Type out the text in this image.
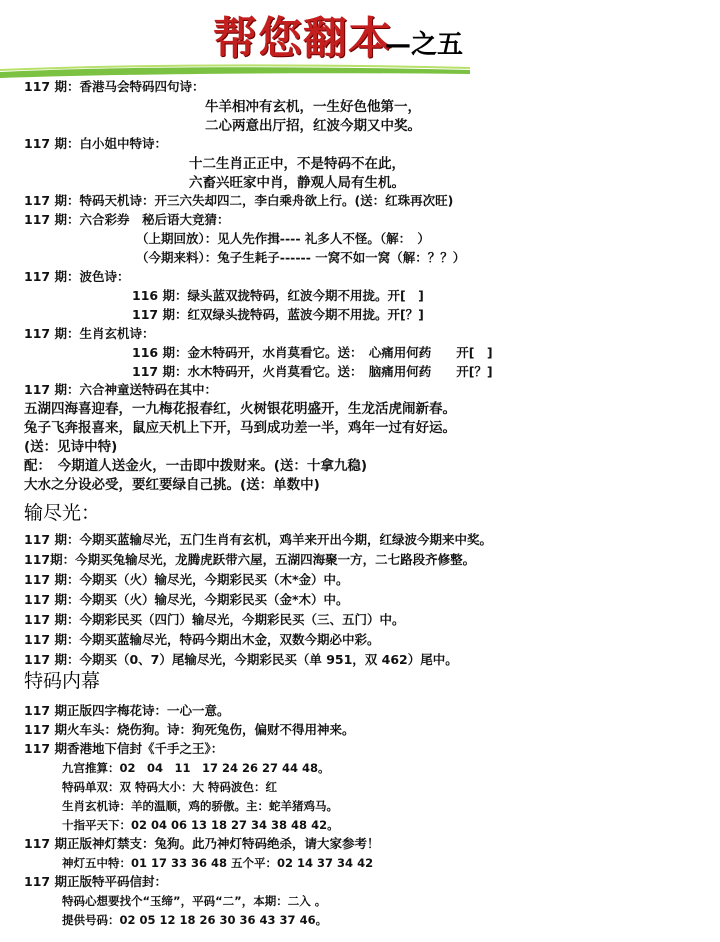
帮您翻本
—之五
117 期：香港马会特码四句诗：
牛羊相冲有玄机，一生好色他第一，
二心两意出厅招，红波今期又中奖。
117 期：白小姐中特诗：
十二生肖正正中，不是特码不在此，
六畜兴旺家中肖，静观人局有生机。
117 期：特码天机诗：开三六失却四二，李白乘舟欲上行。(送：红珠再次旺)
117 期：六合彩券　秘后语大竞猜：
（上期回放）：见人先作揖---- 礼多人不怪。（解：　）
（今期来料）：兔子生耗子------ 一窝不如一窝（解：？？）
117 期：波色诗：
116 期：绿头蓝双拢特码，红波今期不用拢。开[　]
117 期：红双绿头拢特码，蓝波今期不用拢。开[？]
117 期：生肖玄机诗：
116 期：金木特码开，水肖莫看它。送：　心痛用何药　　开[　]
117 期：水木特码开，火肖莫看它。送：　脑痛用何药　　开[？]
117 期：六合神童送特码在其中：
五湖四海喜迎春，一九梅花报春红，火树银花明盛开，生龙活虎闹新春。
兔子飞奔报喜来，鼠应天机上下开，马到成功差一半，鸡年一过有好运。
(送：见诗中特)
配：　今期道人送金火，一击即中拨财来。(送：十拿九稳)
大水之分设必受，要红要绿自己挑。(送：单数中)
输尽光：
117 期：今期买蓝输尽光，五门生肖有玄机，鸡羊来开出今期，红绿波今期来中奖。
117期：今期买兔输尽光，龙腾虎跃带六屋，五湖四海聚一方，二七路段齐修整。
117 期：今期买（火）输尽光，今期彩民买（木*金）中。
117 期：今期买（火）输尽光，今期彩民买（金*木）中。
117 期：今期彩民买（四门）输尽光，今期彩民买（三、五门）中。
117 期：今期买蓝输尽光，特码今期出木金，双数今期必中彩。
117 期：今期买（0、7）尾输尽光，今期彩民买（单 951，双 462）尾中。
特码内幕
117 期正版四字梅花诗：一心一意。
117 期火车头：烧伤狗。诗：狗死兔伤，偏财不得用神来。
117 期香港地下信封《千手之王》：
九宫推算：02　04　11　17 24 26 27 44 48。
特码单双：双 特码大小：大 特码波色：红
生肖玄机诗：羊的温顺，鸡的骄傲。主：蛇羊猪鸡马。
十指平天下：02 04 06 13 18 27 34 38 48 42。
117 期正版神灯禁支：兔狗。此乃神灯特码绝杀，请大家参考！
神灯五中特：01 17 33 36 48 五个平：02 14 37 34 42
117 期正版特平码信封：
特码心想要找个“玉缔”，平码“二”，本期：二入 。
提供号码：02 05 12 18 26 30 36 43 37 46。
